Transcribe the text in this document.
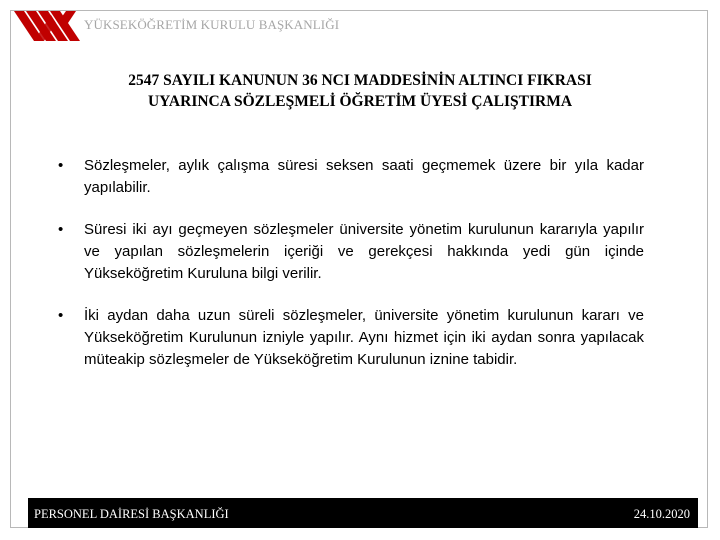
YÜKSEKÖĞRETİM KURULU BAŞKANLIĞI
2547 SAYILI KANUNUN 36 NCI MADDESİNİN ALTINCI FIKRASI
UYARINCA SÖZLEŞMELİ ÖĞRETİM ÜYESİ ÇALIŞTIRMA
• Sözleşmeler, aylık çalışma süresi seksen saati geçmemek üzere bir yıla kadar yapılabilir.
• Süresi iki ayı geçmeyen sözleşmeler üniversite yönetim kurulunun kararıyla yapılır ve yapılan sözleşmelerin içeriği ve gerekçesi hakkında yedi gün içinde Yükseköğretim Kuruluna bilgi verilir.
• İki aydan daha uzun süreli sözleşmeler, üniversite yönetim kurulunun kararı ve Yükseköğretim Kurulunun izniyle yapılır. Aynı hizmet için iki aydan sonra yapılacak müteakip sözleşmeler de Yükseköğretim Kurulunun iznine tabidir.
PERSONEL DAİRESİ BAŞKANLIĞI	24.10.2020
